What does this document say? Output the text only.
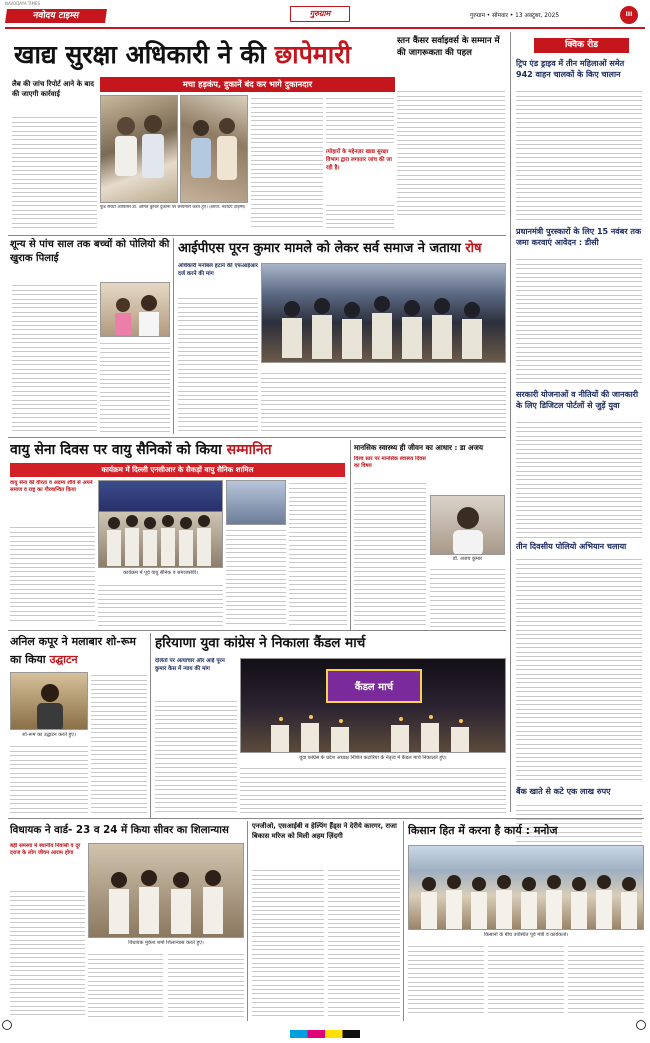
NAVODAYA TIMES
नवोदय टाइम्स	गुरुग्राम	गुरुग्राम • सोमवार • 13 अक्टूबर, 2025	III
खाद्य सुरक्षा अधिकारी ने की छापेमारी	स्तन कैंसर सर्वाइवर्स के सम्मान में की जागरूकता की पहल
क्विक रीड
ट्रिप एंड ड्राइव में तीन महिलाओं समेत 942 वाहन चालकों के किए चालान
प्रधानमंत्री पुरस्कारों के लिए 15 नवंबर तक जमा करवाएं आवेदन : डीसी
सरकारी योजनाओं व नीतियों की जानकारी के लिए डिजिटल पोर्टलों से जुड़ें युवा
तीन दिवसीय पोलियो अभियान चलाया
बैंक खाते से कटे एक लाख रुपए
लैब की जांच रिपोर्ट आने के बाद की जाएगी कार्रवाई
मचा हड़कंप, दुकानें बंद कर भागे दुकानदार
फूड सेफ्टी ऑफिसर डॉ. अमित कुमार दुकानों पर छापेमारी करते हुए। (छाया: नवोदय टाइम्स)
त्योहारों के मद्देनज़र खाद्य सुरक्षा विभाग द्वारा लगातार जांच की जा रही है।
शून्य से पांच साल तक बच्चों को पोलियो की खुराक पिलाई
आईपीएस पूरन कुमार मामले को लेकर सर्व समाज ने जताया रोष
अधिकारी मनोबल हटाने की एफआईआर दर्ज करने की मांग
वायु सेना दिवस पर वायु सैनिकों को किया सम्मानित
कार्यक्रम में दिल्ली एनसीआर के सैकड़ों वायु सैनिक शामिल
वायु सेना की वीरता व अदम्य शौर्य से अपने समाज व राष्ट्र का गौरवान्वित किया
कार्यक्रम में पूर्व वायु सैनिक व समाजसेवी।
मानसिक स्वास्थ्य ही जीवन का आधार : डा अजय
विश्व स्तर पर मानसिक स्वास्थ्य दिवस का विषय
डॉ. अजय कुमार
अनिल कपूर ने मलाबार शो-रूम का किया उद्घाटन
शो-रूम का उद्घाटन करते हुए।
हरियाणा युवा कांग्रेस ने निकाला कैंडल मार्च
दलितों पर अत्याचार और आई पूरन कुमार केस में न्याय की मांग
कैंडल मार्च
युवा कांग्रेस के प्रदेश अध्यक्ष निशित कटारिया के नेतृत्व में कैंडल मार्च निकालते हुए।
विधायक ने वार्ड- 23 व 24 में किया सीवर का शिलान्यास
बड़ी समस्या में स्थानीय निवासी व दूर दराज के लोग जीवन आराम होगा
विधायक मुकेश शर्मा शिलान्यास करते हुए।
एनजीओ, एसआईबी व हेल्पिंग हैंड्स ने देरीये कारगर, राजा बिकास मरिज को मिली अहम ज़िंदगी	किसान हित में करना है कार्य : मनोज
किसानों के बीच उपस्थित पूर्व मंत्री व कार्यकर्ता।
